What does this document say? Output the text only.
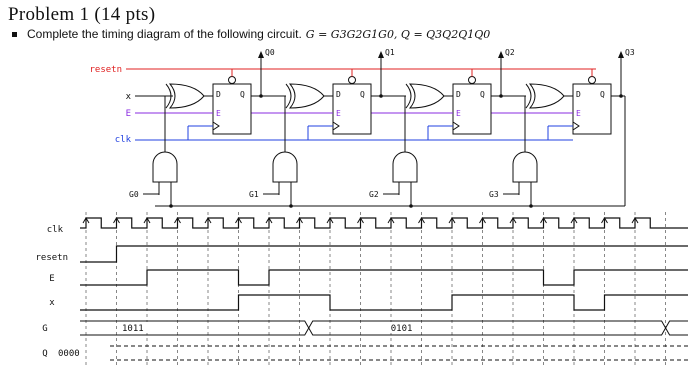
Problem 1 (14 pts)
Complete the timing diagram of the following circuit. G = G3G2G1G0, Q = Q3Q2Q1Q0
resetn
x
E
clk
D Q
E
Q0
G0
D Q
E
Q1
G1
D Q
E
Q2
G2
D Q
E
Q3
G3
clk
resetn
E
x
G
Q 0000
1011	0101
